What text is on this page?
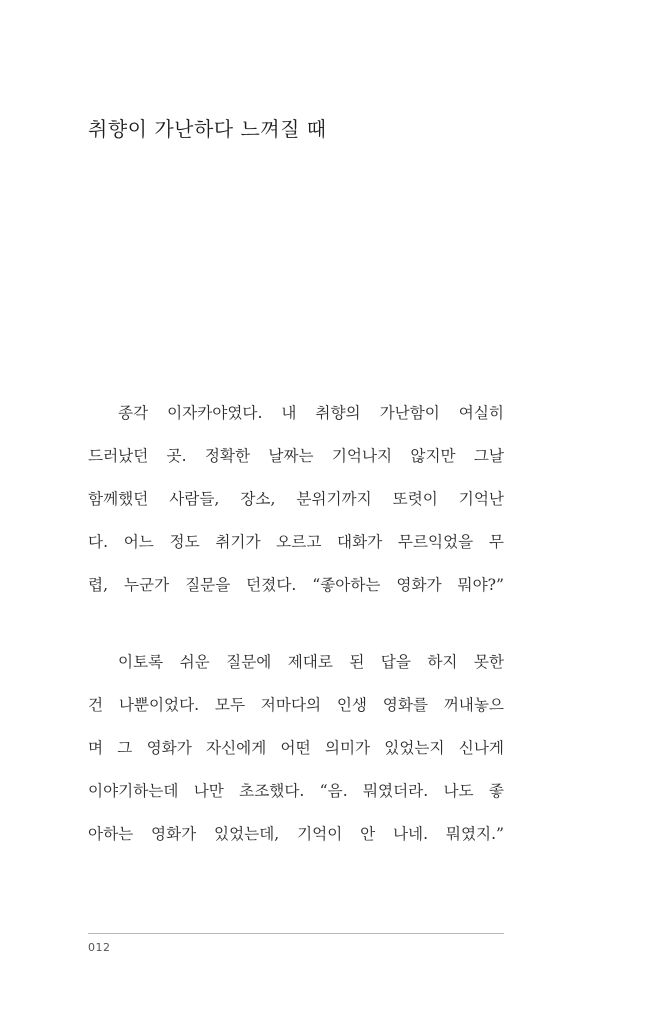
취향이 가난하다 느껴질 때
종각 이자카야였다. 내 취향의 가난함이 여실히
드러났던 곳. 정확한 날짜는 기억나지 않지만 그날
함께했던 사람들, 장소, 분위기까지 또렷이 기억난
다. 어느 정도 취기가 오르고 대화가 무르익었을 무
렵, 누군가 질문을 던졌다. “좋아하는 영화가 뭐야?”
이토록 쉬운 질문에 제대로 된 답을 하지 못한
건 나뿐이었다. 모두 저마다의 인생 영화를 꺼내놓으
며 그 영화가 자신에게 어떤 의미가 있었는지 신나게
이야기하는데 나만 초조했다. “음. 뭐였더라. 나도 좋
아하는 영화가 있었는데, 기억이 안 나네. 뭐였지.”
012
